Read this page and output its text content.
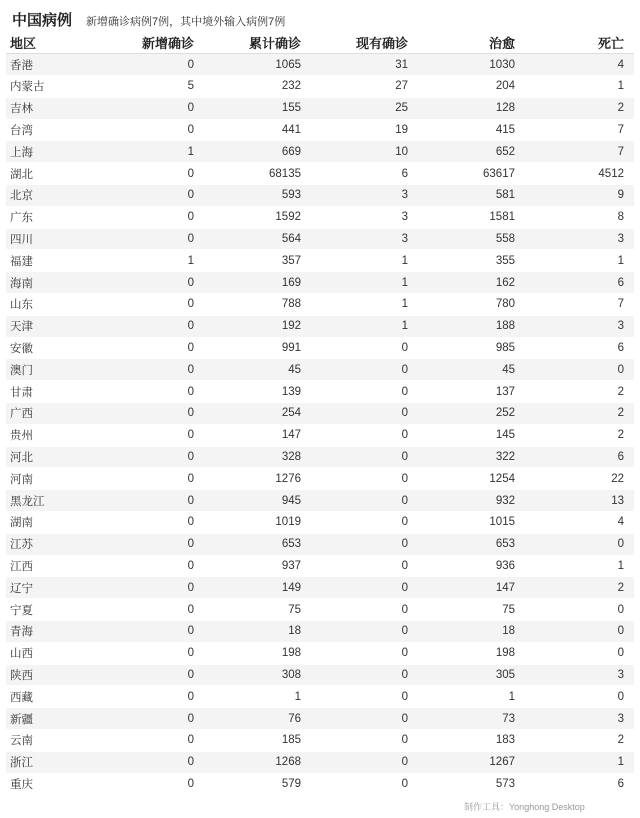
中国病例 新增确诊病例7例，其中境外输入病例7例
地区	新增确诊	累计确诊	现有确诊	治愈	死亡
香港	0	1065	31	1030	4
内蒙古	5	232	27	204	1
吉林	0	155	25	128	2
台湾	0	441	19	415	7
上海	1	669	10	652	7
湖北	0	68135	6	63617	4512
北京	0	593	3	581	9
广东	0	1592	3	1581	8
四川	0	564	3	558	3
福建	1	357	1	355	1
海南	0	169	1	162	6
山东	0	788	1	780	7
天津	0	192	1	188	3
安徽	0	991	0	985	6
澳门	0	45	0	45	0
甘肃	0	139	0	137	2
广西	0	254	0	252	2
贵州	0	147	0	145	2
河北	0	328	0	322	6
河南	0	1276	0	1254	22
黑龙江	0	945	0	932	13
湖南	0	1019	0	1015	4
江苏	0	653	0	653	0
江西	0	937	0	936	1
辽宁	0	149	0	147	2
宁夏	0	75	0	75	0
青海	0	18	0	18	0
山西	0	198	0	198	0
陕西	0	308	0	305	3
西藏	0	1	0	1	0
新疆	0	76	0	73	3
云南	0	185	0	183	2
浙江	0	1268	0	1267	1
重庆	0	579	0	573	6
制作工具：Yonghong Desktop
